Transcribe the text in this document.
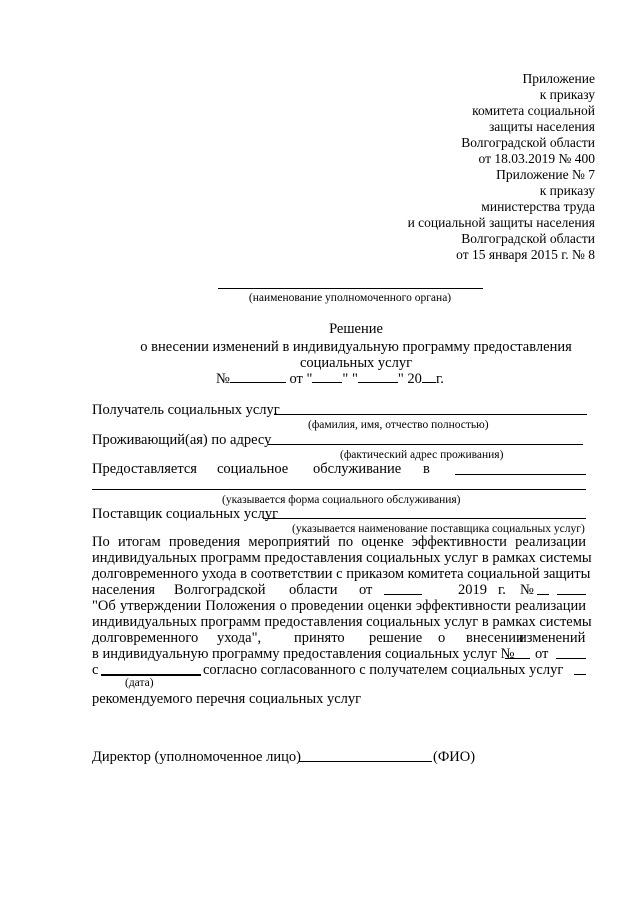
Приложение
к приказу
комитета социальной
защиты населения
Волгоградской области
от 18.03.2019 № 400
Приложение № 7
к приказу
министерства труда
и социальной защиты населения
Волгоградской области
от 15 января 2015 г. № 8
(наименование уполномоченного органа)
Решение
о внесении изменений в индивидуальную программу предоставления
социальных услуг
№	от " " "	" 20 г.
Получатель социальных услуг
(фамилия, имя, отчество полностью)
Проживающий(ая) по адресу
(фактический адрес проживания)
Предоставляется социальное обслуживание в
(указывается форма социального обслуживания)
Поставщик социальных услуг
(указывается наименование поставщика социальных услуг)
По итогам проведения мероприятий по оценке эффективности реализации
индивидуальных программ предоставления социальных услуг в рамках системы
долговременного ухода в соответствии с приказом комитета социальной защиты
населения Волгоградской области от	2019 г. №
"Об утверждении Положения о проведении оценки эффективности реализации
индивидуальных программ предоставления социальных услуг в рамках системы
долговременного ухода", принято решение о внесении
изменений
в индивидуальную программу предоставления социальных услуг № от
с	согласно согласованного с получателем социальных услуг
(дата)
рекомендуемого перечня социальных услуг
Директор (уполномоченное лицо)	(ФИО)
